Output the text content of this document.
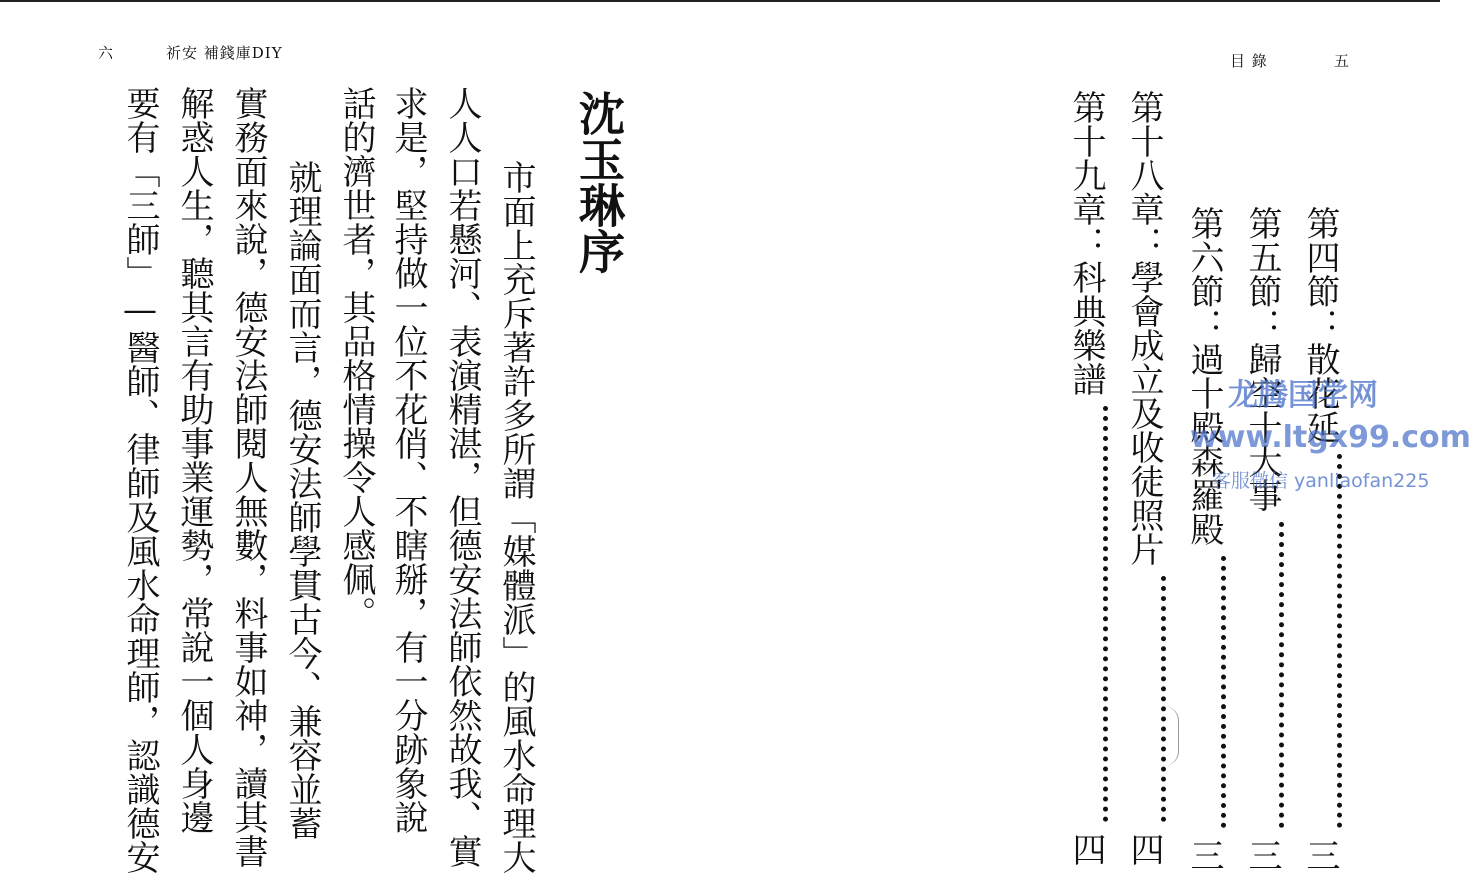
六	祈安 補錢庫DIY
沈玉琳序
市面上充斥著許多所謂「媒體派」的風水命理大
人人口若懸河、表演精湛，但德安法師依然故我、實
求是，堅持做一位不花俏、不瞎掰，有一分跡象說
話的濟世者，其品格情操令人感佩。
就理論面而言，德安法師學貫古今、兼容並蓄
實務面來說，德安法師閱人無數，料事如神，讀其書
解惑人生，聽其言有助事業運勢，常說一個人身邊
要有「三師」—醫師、律師及風水命理師，認識德安
目 錄	五
第四節：散花延
三
第五節：歸空十大事
三
第六節：過十殿森羅殿
三
第十八章：學會成立及收徒照片
四
第十九章：科典樂譜
四
龙腾国学网
www.ltgx99.com
客服微信 yanliaofan225
